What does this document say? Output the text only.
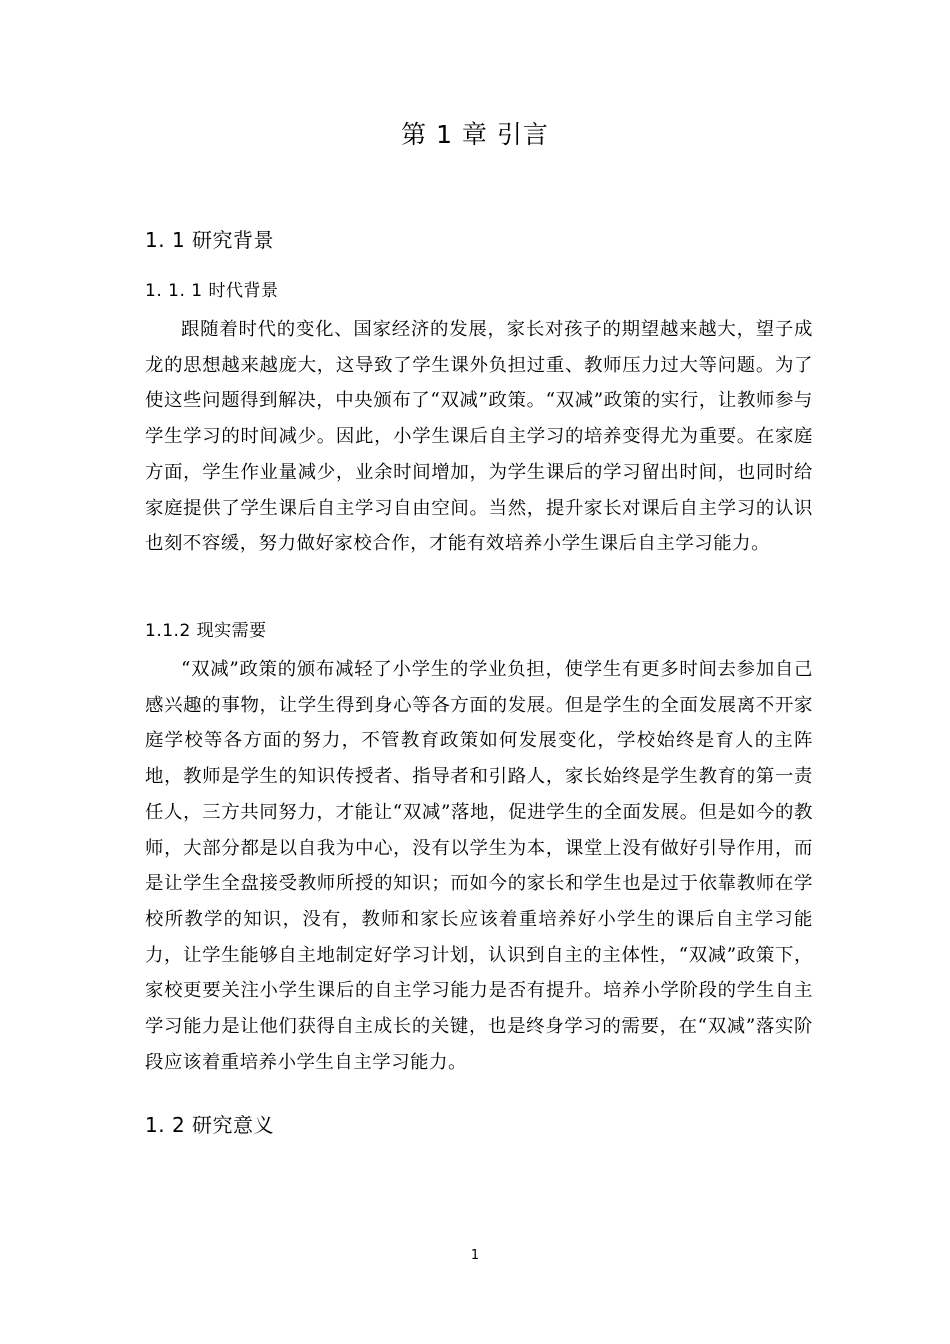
第 1 章 引言
1. 1 研究背景
1. 1. 1 时代背景

跟随着时代的变化、国家经济的发展，家长对孩子的期望越来越大，望子成龙的思想越来越庞大，这导致了学生课外负担过重、教师压力过大等问题。为了使这些问题得到解决，中央颁布了“双减”政策。“双减”政策的实行，让教师参与学生学习的时间减少。因此，小学生课后自主学习的培养变得尤为重要。在家庭方面，学生作业量减少，业余时间增加，为学生课后的学习留出时间，也同时给家庭提供了学生课后自主学习自由空间。当然，提升家长对课后自主学习的认识也刻不容缓，努力做好家校合作，才能有效培养小学生课后自主学习能力。

1.1.2 现实需要

“双减”政策的颁布减轻了小学生的学业负担，使学生有更多时间去参加自己感兴趣的事物，让学生得到身心等各方面的发展。但是学生的全面发展离不开家庭学校等各方面的努力，不管教育政策如何发展变化，学校始终是育人的主阵地，教师是学生的知识传授者、指导者和引路人，家长始终是学生教育的第一责任人，三方共同努力，才能让“双减”落地，促进学生的全面发展。但是如今的教师，大部分都是以自我为中心，没有以学生为本，课堂上没有做好引导作用，而是让学生全盘接受教师所授的知识；而如今的家长和学生也是过于依靠教师在学校所教学的知识，没有，教师和家长应该着重培养好小学生的课后自主学习能力，让学生能够自主地制定好学习计划，认识到自主的主体性，“双减”政策下，家校更要关注小学生课后的自主学习能力是否有提升。培养小学阶段的学生自主学习能力是让他们获得自主成长的关键，也是终身学习的需要，在“双减”落实阶段应该着重培养小学生自主学习能力。

1. 2 研究意义
1
